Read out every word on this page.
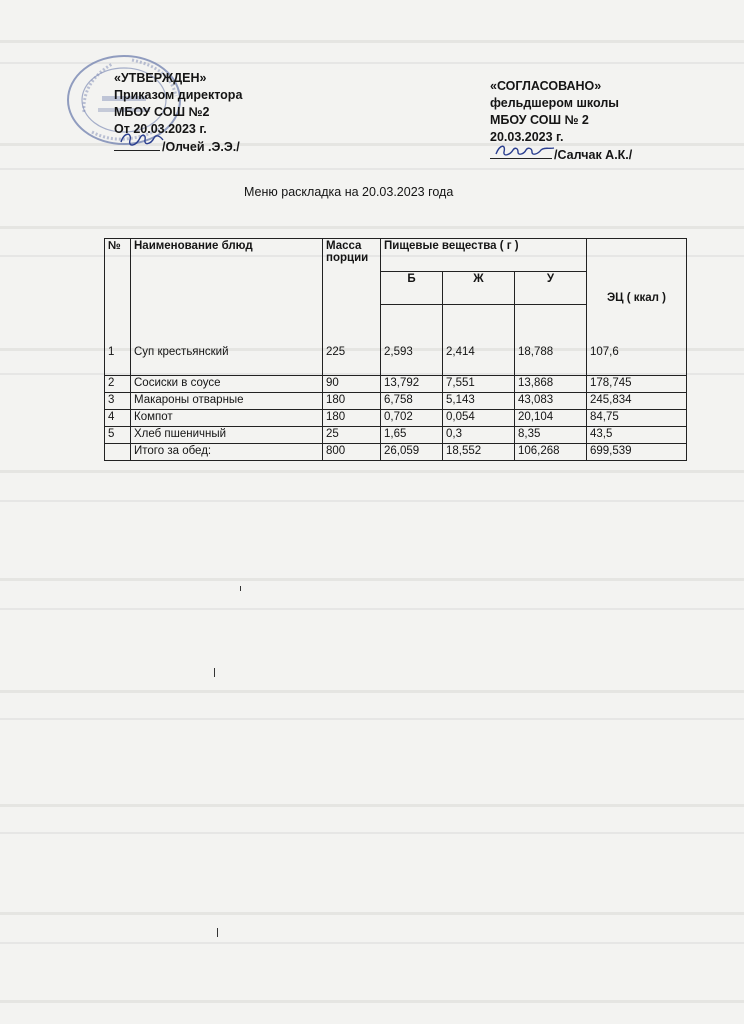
«УТВЕРЖДЕН»
Приказом директора
МБОУ СОШ №2
От 20.03.2023 г.
/Олчей .Э.Э./
«СОГЛАСОВАНО»
фельдшером школы
МБОУ СОШ № 2
20.03.2023 г.
/Салчак А.К./
Меню раскладка на 20.03.2023 года
№	Наименование блюд	Масса порции	Пищевые вещества ( г )			ЭЦ ( ккал )
			Б	Ж	У	

1	Суп крестьянский	225	2,593	2,414	18,788	107,6
2	Сосиски в соусе	90	13,792	7,551	13,868	178,745
3	Макароны отварные	180	6,758	5,143	43,083	245,834
4	Компот	180	0,702	0,054	20,104	84,75
5	Хлеб пшеничный	25	1,65	0,3	8,35	43,5
	Итого за обед:	800	26,059	18,552	106,268	699,539
